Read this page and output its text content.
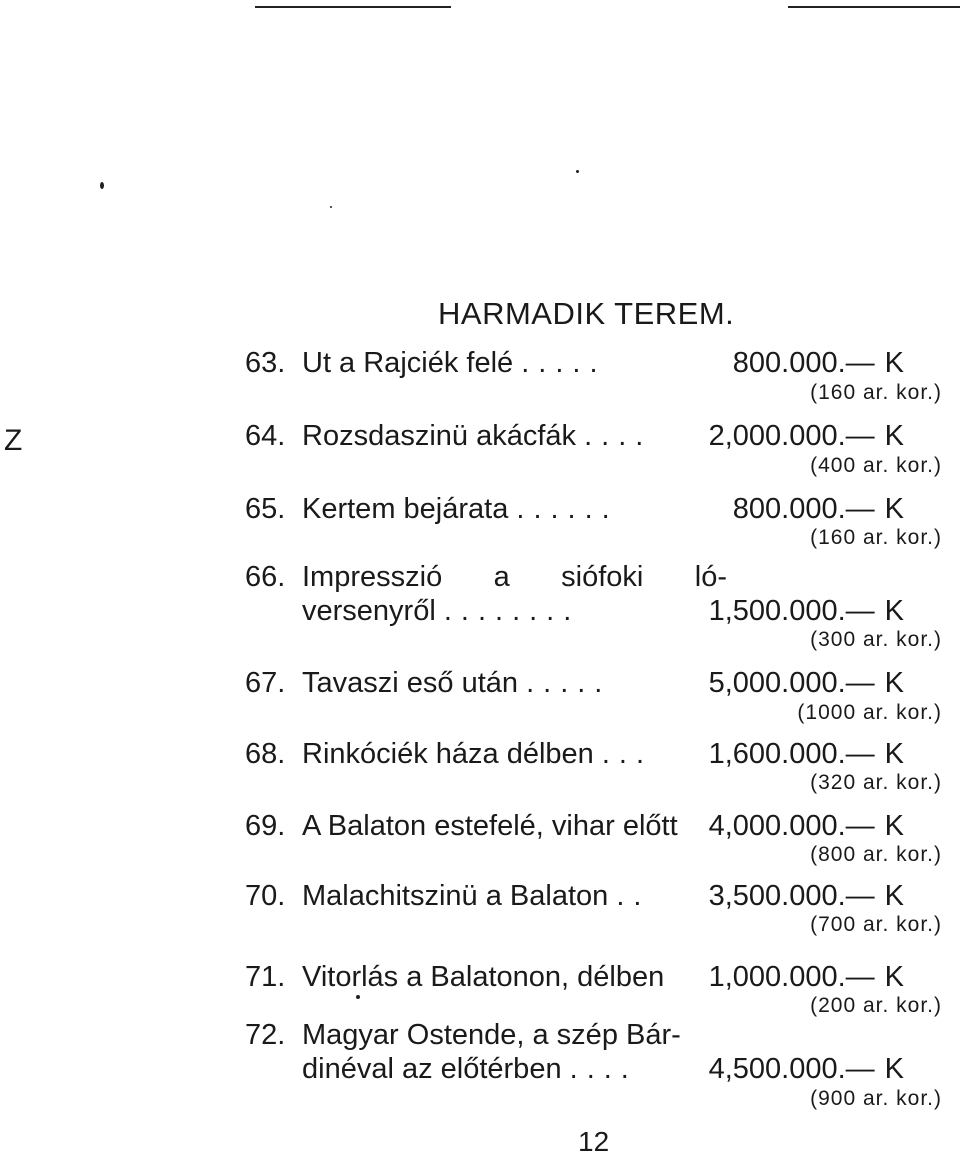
Z
HARMADIK TEREM.
63. Ut a Rajciék felé .....	800.000.— K
(160 ar. kor.)
64. Rozsdaszinü akácfák .... 2,000.000.— K
(400 ar. kor.)
65. Kertem bejárata ......	800.000.— K
(160 ar. kor.)
66. Impresszió a siófoki ló-
versenyről ........	1,500.000.— K
(300 ar. kor.)
67. Tavaszi eső után .....	5,000.000.— K
(1000 ar. kor.)
68. Rinkóciék háza délben ... 1,600.000.— K
(320 ar. kor.)
69. A Balaton estefelé, vihar előtt 4,000.000.— K
(800 ar. kor.)
70. Malachitszinü a Balaton .. 3,500.000.— K
(700 ar. kor.)
71. Vitorlás a Balatonon, délben 1,000.000.— K
(200 ar. kor.)
72. Magyar Ostende, a szép Bár-
dinéval az előtérben .... 4,500.000.— K
(900 ar. kor.)
12
